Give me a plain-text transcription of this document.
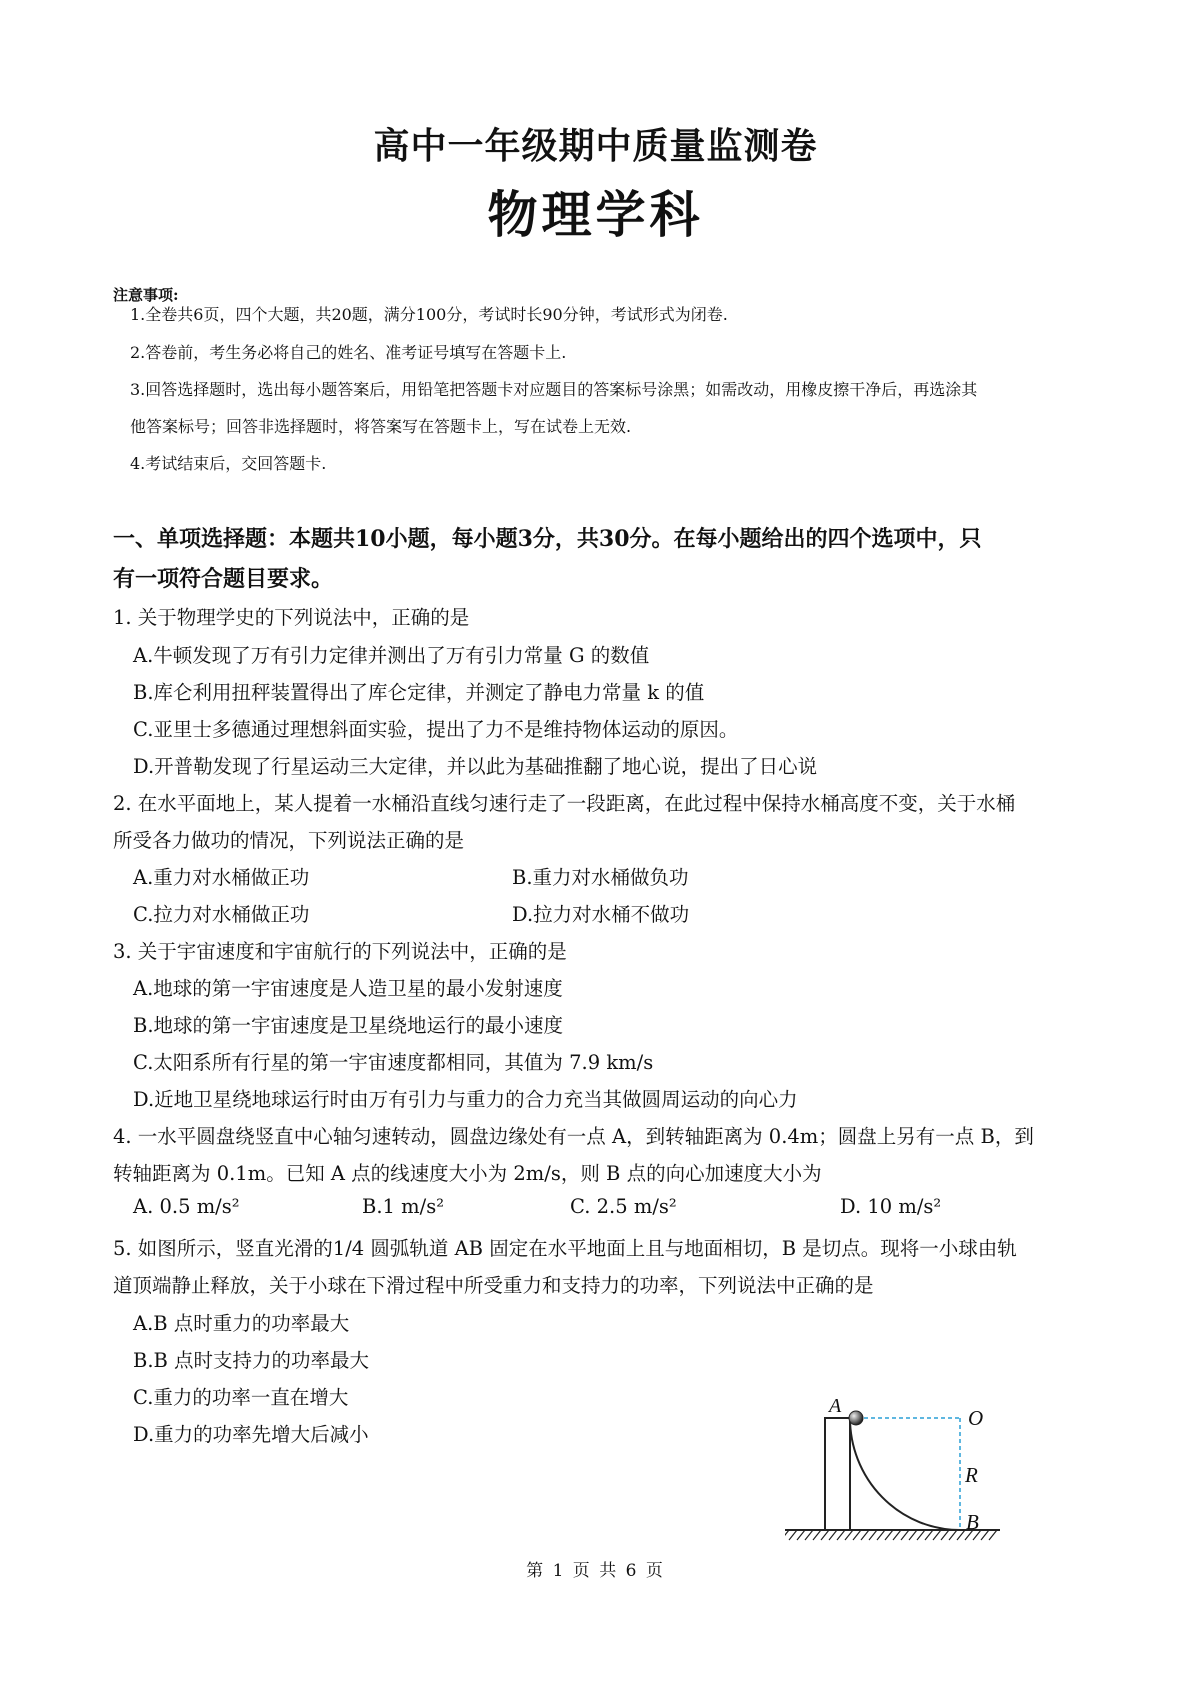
高中一年级期中质量监测卷
物理学科
注意事项:
1.全卷共6页，四个大题，共20题，满分100分，考试时长90分钟，考试形式为闭卷.
2.答卷前，考生务必将自己的姓名、准考证号填写在答题卡上.
3.回答选择题时，选出每小题答案后，用铅笔把答题卡对应题目的答案标号涂黑；如需改动，用橡皮擦干净后，再选涂其
他答案标号；回答非选择题时，将答案写在答题卡上，写在试卷上无效.
4.考试结束后，交回答题卡.
一、单项选择题：本题共10小题，每小题3分，共30分。在每小题给出的四个选项中，只
有一项符合题目要求。
1. 关于物理学史的下列说法中，正确的是
A.牛顿发现了万有引力定律并测出了万有引力常量 G 的数值
B.库仑利用扭秤装置得出了库仑定律，并测定了静电力常量 k 的值
C.亚里士多德通过理想斜面实验，提出了力不是维持物体运动的原因。
D.开普勒发现了行星运动三大定律，并以此为基础推翻了地心说，提出了日心说
2. 在水平面地上，某人提着一水桶沿直线匀速行走了一段距离，在此过程中保持水桶高度不变，关于水桶
所受各力做功的情况，下列说法正确的是
A.重力对水桶做正功	B.重力对水桶做负功
C.拉力对水桶做正功	D.拉力对水桶不做功
3. 关于宇宙速度和宇宙航行的下列说法中，正确的是
A.地球的第一宇宙速度是人造卫星的最小发射速度
B.地球的第一宇宙速度是卫星绕地运行的最小速度
C.太阳系所有行星的第一宇宙速度都相同，其值为 7.9 km/s
D.近地卫星绕地球运行时由万有引力与重力的合力充当其做圆周运动的向心力
4. 一水平圆盘绕竖直中心轴匀速转动，圆盘边缘处有一点 A，到转轴距离为 0.4m；圆盘上另有一点 B，到
转轴距离为 0.1m。已知 A 点的线速度大小为 2m/s，则 B 点的向心加速度大小为
A. 0.5 m/s²	B.1 m/s²	C. 2.5 m/s²	D. 10 m/s²
5. 如图所示，竖直光滑的1/4 圆弧轨道 AB 固定在水平地面上且与地面相切，B 是切点。现将一小球由轨
道顶端静止释放，关于小球在下滑过程中所受重力和支持力的功率，下列说法中正确的是
A.B 点时重力的功率最大
B.B 点时支持力的功率最大
C.重力的功率一直在增大
D.重力的功率先增大后减小
A	O
R
B
第 1 页 共 6 页
